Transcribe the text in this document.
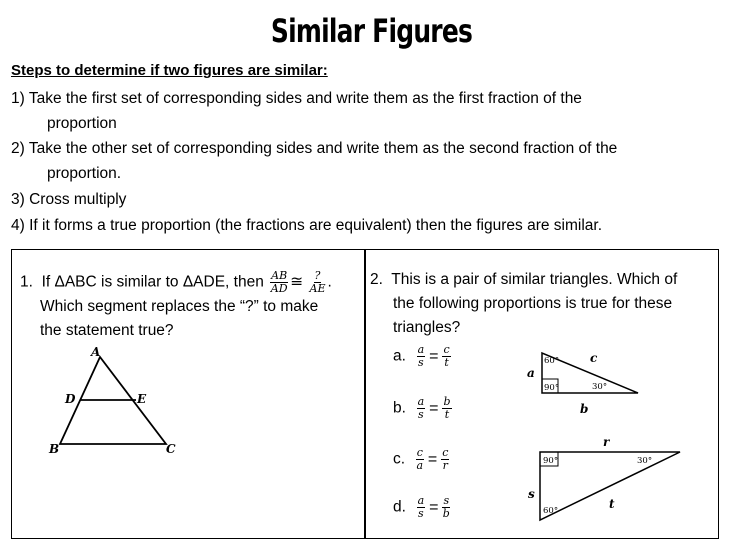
Similar Figures
Steps to determine if two figures are similar:
1) Take the first set of corresponding sides and write them as the first fraction of the
proportion
2) Take the other set of corresponding sides and write them as the second fraction of the
proportion.
3) Cross multiply
4) If it forms a true proportion (the fractions are equivalent) then the figures are similar.
1. If ΔABC is similar to ΔADE, then $\frac{AB}{AD}$ ≅ $\frac{?}{AE}$ .
Which segment replaces the “?” to make
the statement true?
A
D	E
B	C
2. This is a pair of similar triangles. Which of
the following proportions is true for these
triangles?
a. $\frac{a}{s} = \frac{c}{t}$
b. $\frac{a}{s} = \frac{b}{t}$
c. $\frac{c}{a} = \frac{c}{r}$
d. $\frac{a}{s} = \frac{s}{b}$
60°
90°	30°
a
c
b
90°	30°
60°
r
s
t
